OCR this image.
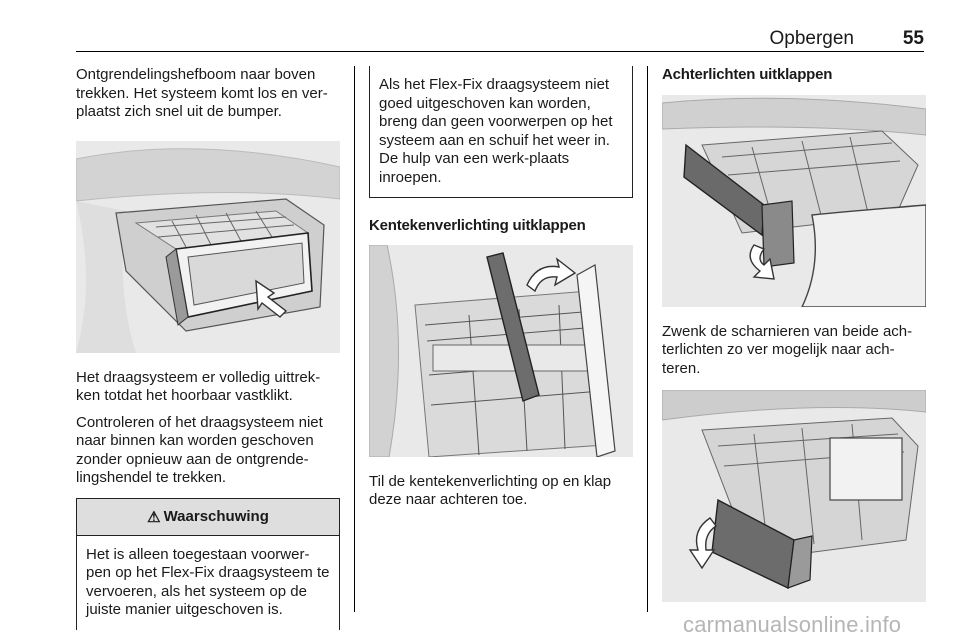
Opbergen	55

Ontgrendelingshefboom naar boven trekken. Het systeem komt los en ver-plaatst zich snel uit de bumper.

Het draagsysteem er volledig uittrek-ken totdat het hoorbaar vastklikt.

Controleren of het draagsysteem niet naar binnen kan worden geschoven zonder opnieuw aan de ontgrende-lingshendel te trekken.

⚠ Waarschuwing
Het is alleen toegestaan voorwer-pen op het Flex-Fix draagsysteem te vervoeren, als het systeem op de juiste manier uitgeschoven is.

Als het Flex-Fix draagsysteem niet goed uitgeschoven kan worden, breng dan geen voorwerpen op het systeem aan en schuif het weer in. De hulp van een werk-plaats inroepen.

Kentekenverlichting uitklappen

Til de kentekenverlichting op en klap deze naar achteren toe.

Achterlichten uitklappen

Zwenk de scharnieren van beide ach-terlichten zo ver mogelijk naar ach-teren.

carmanualsonline.info
